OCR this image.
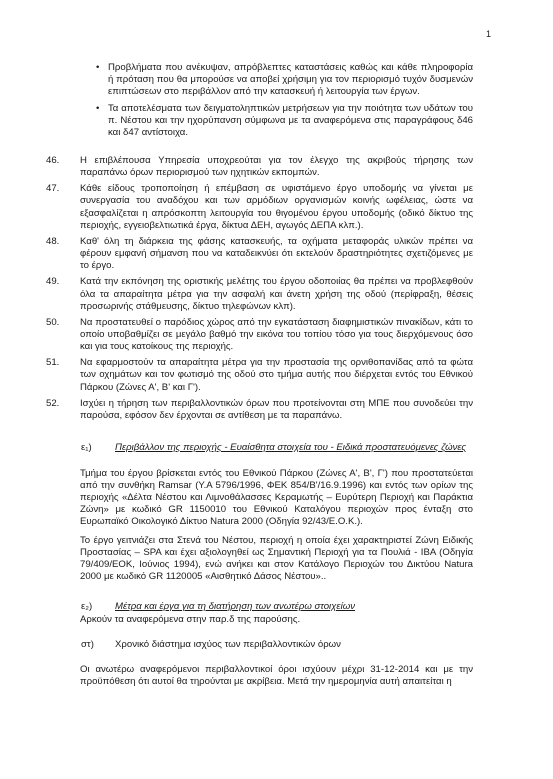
1
• Προβλήματα που ανέκυψαν, απρόβλεπτες καταστάσεις καθώς και κάθε πληροφορία ή πρόταση που θα μπορούσε να αποβεί χρήσιμη για τον περιορισμό τυχόν δυσμενών επιπτώσεων στο περιβάλλον από την κατασκευή ή λειτουργία των έργων.
• Τα αποτελέσματα των δειγματοληπτικών μετρήσεων για την ποιότητα των υδάτων του π. Νέστου και την ηχορύπανση σύμφωνα με τα αναφερόμενα στις παραγράφους δ46 και δ47 αντίστοιχα.
46. Η επιβλέπουσα Υπηρεσία υποχρεούται για τον έλεγχο της ακριβούς τήρησης των παραπάνω όρων περιορισμού των ηχητικών εκπομπών.
47. Κάθε είδους τροποποίηση ή επέμβαση σε υφιστάμενο έργο υποδομής να γίνεται με συνεργασία του αναδόχου και των αρμόδιων οργανισμών κοινής ωφέλειας, ώστε να εξασφαλίζεται η απρόσκοπτη λειτουργία του θιγομένου έργου υποδομής (οδικό δίκτυο της περιοχής, εγγειοβελτιωτικά έργα, δίκτυα ΔΕΗ, αγωγός ΔΕΠΑ κλπ.).
48. Καθ' όλη τη διάρκεια της φάσης κατασκευής, τα οχήματα μεταφοράς υλικών πρέπει να φέρουν εμφανή σήμανση που να καταδεικνύει ότι εκτελούν δραστηριότητες σχετιζόμενες με το έργο.
49. Κατά την εκπόνηση της οριστικής μελέτης του έργου οδοποιίας θα πρέπει να προβλεφθούν όλα τα απαραίτητα μέτρα για την ασφαλή και άνετη χρήση της οδού (περίφραξη, θέσεις προσωρινής στάθμευσης, δίκτυο τηλεφώνων κλπ).
50. Να προστατευθεί ο παρόδιος χώρος από την εγκατάσταση διαφημιστικών πινακίδων, κάτι το οποίο υποβαθμίζει σε μεγάλο βαθμό την εικόνα του τοπίου τόσο για τους διερχόμενους όσο και για τους κατοίκους της περιοχής.
51. Να εφαρμοστούν τα απαραίτητα μέτρα για την προστασία της ορνιθοπανίδας από τα φώτα των οχημάτων και τον φωτισμό της οδού στο τμήμα αυτής που διέρχεται εντός του Εθνικού Πάρκου (Ζώνες Α', Β' και Γ').
52. Ισχύει η τήρηση των περιβαλλοντικών όρων που προτείνονται στη ΜΠΕ που συνοδεύει την παρούσα, εφόσον δεν έρχονται σε αντίθεση με τα παραπάνω.
ε₁) Περιβάλλον της περιοχής - Ευαίσθητα στοιχεία του - Ειδικά προστατευόμενες ζώνες
Τμήμα του έργου βρίσκεται εντός του Εθνικού Πάρκου (Ζώνες Α', Β', Γ') που προστατεύεται από την συνθήκη Ramsar (Υ.Α 5796/1996, ΦΕΚ 854/Β'/16.9.1996) και εντός των ορίων της περιοχής «Δέλτα Νέστου και Λιμνοθάλασσες Κεραμωτής – Ευρύτερη Περιοχή και Παράκτια Ζώνη» με κωδικό GR 1150010 του Εθνικού Καταλόγου περιοχών προς ένταξη στο Ευρωπαϊκό Οικολογικό Δίκτυο Natura 2000 (Οδηγία 92/43/Ε.Ο.Κ.).
Το έργο γειτνιάζει στα Στενά του Νέστου, περιοχή η οποία έχει χαρακτηριστεί Ζώνη Ειδικής Προστασίας – SPA και έχει αξιολογηθεί ως Σημαντική Περιοχή για τα Πουλιά - ΙΒΑ (Οδηγία 79/409/ΕΟΚ, Ιούνιος 1994), ενώ ανήκει και στον Κατάλογο Περιοχών του Δικτύου Natura 2000 με κωδικό GR 1120005 «Αισθητικό Δάσος Νέστου»..
ε₂) Μέτρα και έργα για τη διατήρηση των ανωτέρω στοιχείων
Αρκούν τα αναφερόμενα στην παρ.δ της παρούσης.
στ) Χρονικό διάστημα ισχύος των περιβαλλοντικών όρων
Οι ανωτέρω αναφερόμενοι περιβαλλοντικοί όροι ισχύουν μέχρι 31-12-2014 και με την προϋπόθεση ότι αυτοί θα τηρούνται με ακρίβεια. Μετά την ημερομηνία αυτή απαιτείται η
